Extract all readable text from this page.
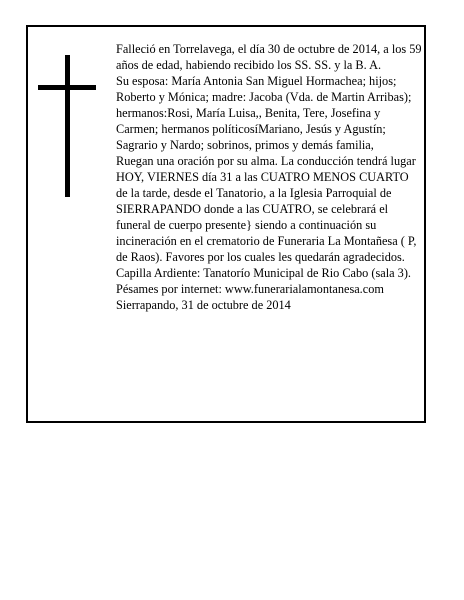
Falleció en Torrelavega, el día 30 de octubre de 2014, a los 59 años de edad, habiendo recibido los SS. SS. y la B. A.

Su esposa: María Antonia San Miguel Hormachea; hijos; Roberto y Mónica; madre: Jacoba (Vda. de Martin Arribas); hermanos:Rosi, María Luisa,, Benita, Tere, Josefina y Carmen; hermanos políticosíMariano, Jesús y Agustín; Sagrario y Nardo; sobrinos, primos y demás familia,

Ruegan una oración por su alma. La conducción tendrá lugar HOY, VIERNES día 31 a las CUATRO MENOS CUARTO de la tarde, desde el Tanatorio, a la Iglesia Parroquial de SIERRAPANDO donde a las CUATRO, se celebrará el funeral de cuerpo presente} siendo a continuación su incineración en el crematorio de Funeraria La Montañesa ( P, de Raos). Favores por los cuales les quedarán agradecidos. Capilla Ardiente: Tanatorío Municipal de Rio Cabo (sala 3).

Pésames por internet: www.funerarialamontanesa.com

Sierrapando, 31 de octubre de 2014
